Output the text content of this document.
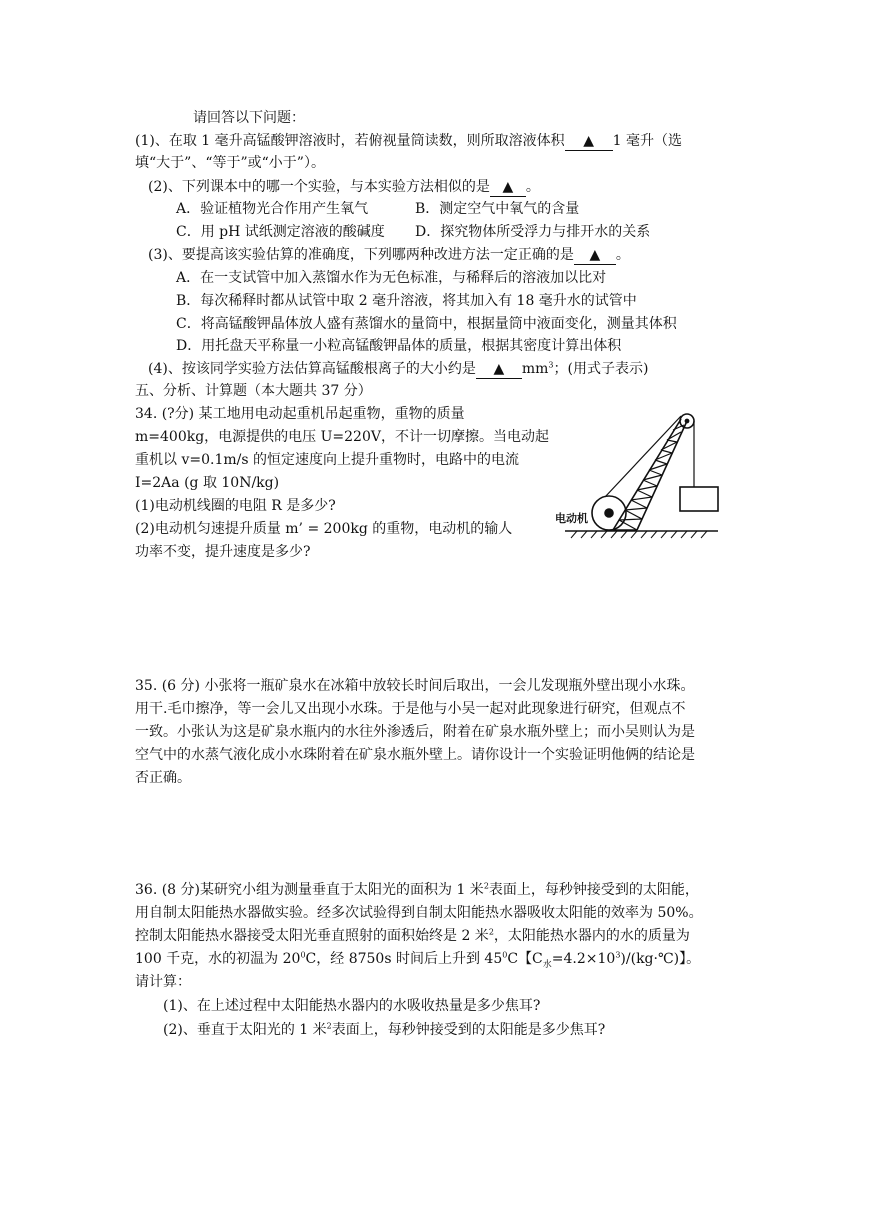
请回答以下问题：
(1)、在取 1 毫升高锰酸钾溶液时，若俯视量筒读数，则所取溶液体积 ▲ 1 毫升（选
填“大于”、“等于”或“小于”）。
(2)、下列课本中的哪一个实验，与本实验方法相似的是 ▲ 。
A．验证植物光合作用产生氧气	B．测定空气中氧气的含量
C．用 pH 试纸测定溶液的酸碱度 D．探究物体所受浮力与排开水的关系
(3)、要提高该实验估算的准确度，下列哪两种改进方法一定正确的是 ▲ 。
A．在一支试管中加入蒸馏水作为无色标准，与稀释后的溶液加以比对
B．每次稀释时都从试管中取 2 毫升溶液，将其加入有 18 毫升水的试管中
C．将高锰酸钾晶体放人盛有蒸馏水的量筒中，根据量筒中液面变化，测量其体积
D．用托盘天平称量一小粒高锰酸钾晶体的质量，根据其密度计算出体积
(4)、按该同学实验方法估算高锰酸根离子的大小约是 ▲ $mm^3$；(用式子表示)
五、分析、计算题（本大题共 37 分）
34. (?分) 某工地用电动起重机吊起重物，重物的质量
m=400kg，电源提供的电压 U=220V，不计一切摩擦。当电动起
重机以 v=0.1m/s 的恒定速度向上提升重物时，电路中的电流
I=2Aa (g 取 10N/kg)
(1)电动机线圈的电阻 R 是多少?
(2)电动机匀速提升质量 m’ = 200kg 的重物，电动机的输人
功率不变，提升速度是多少?
电动机
35. (6 分) 小张将一瓶矿泉水在冰箱中放较长时间后取出，一会儿发现瓶外壁出现小水珠。
用干.毛巾擦净，等一会儿又出现小水珠。于是他与小吴一起对此现象进行研究，但观点不
一致。小张认为这是矿泉水瓶内的水往外渗透后，附着在矿泉水瓶外壁上；而小吴则认为是
空气中的水蒸气液化成小水珠附着在矿泉水瓶外壁上。请你设计一个实验证明他俩的结论是
否正确。
36. (8 分)某研究小组为测量垂直于太阳光的面积为 1 米$^2$表面上，每秒钟接受到的太阳能，
用自制太阳能热水器做实验。经多次试验得到自制太阳能热水器吸收太阳能的效率为 50%。
控制太阳能热水器接受太阳光垂直照射的面积始终是 2 米$^2$，太阳能热水器内的水的质量为
100 千克，水的初温为 $20^0C$，经 8750s 时间后上升到 $45^0C$【$C_水=4.2\times 10^3)/(kg\cdot℃)$】。
请计算：
(1)、在上述过程中太阳能热水器内的水吸收热量是多少焦耳?
(2)、垂直于太阳光的 1 米$^2$表面上，每秒钟接受到的太阳能是多少焦耳?
